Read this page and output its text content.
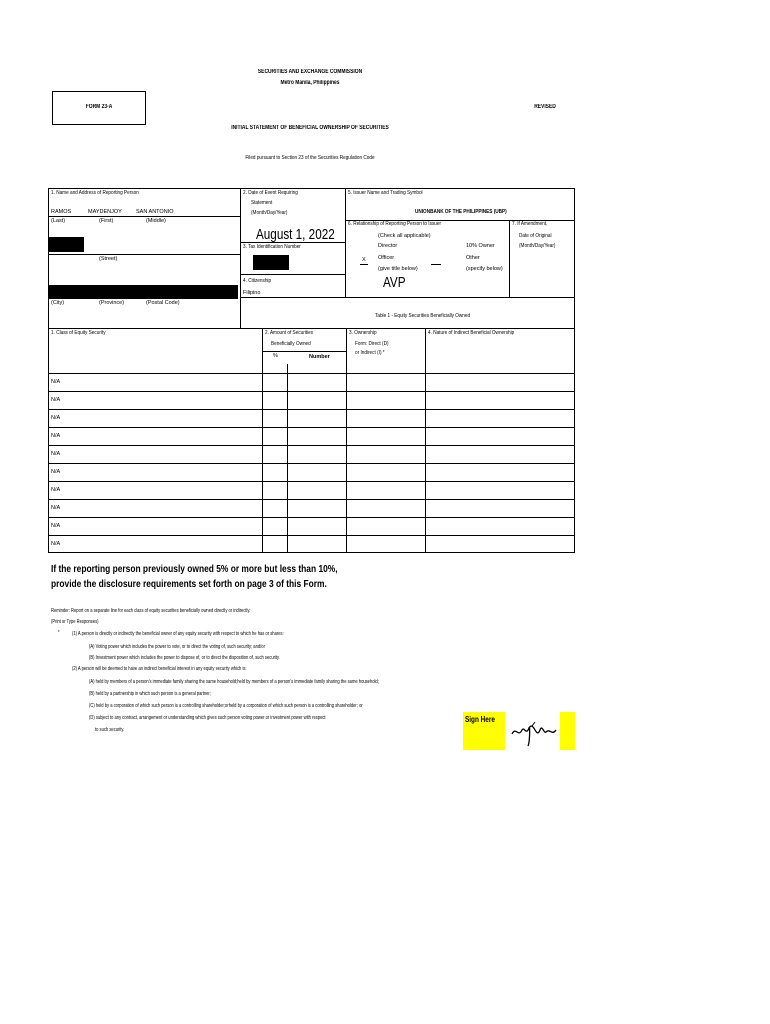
SECURITIES AND EXCHANGE COMMISSION
Metro Manila, Philippines
FORM 23-A	REVISED
INITIAL STATEMENT OF BENEFICIAL OWNERSHIP OF SECURITIES
Filed pursuant to Section 23 of the Securities Regulation Code
1. Name and Address of Reporting Person
RAMOS	MAYDENJOY	SAN ANTONIO
(Last)	(First)	(Middle)
(Street)
(City)	(Province)	(Postal Code)
2. Date of Event Requiring
Statement
(Month/Day/Year)
August 1, 2022
3. Tax Identification Number
4. Citizenship
Filipino
5. Issuer Name and Trading Symbol
UNIONBANK OF THE PHILIPPINES (UBP)
6. Relationship of Reporting Person to Issuer
(Check all applicable)
Director	10% Owner
X Officer	Other
(give title below)	(specify below)
AVP
7. If Amendment,
Date of Original
(Month/Day/Year)
Table 1 - Equity Securities Beneficially Owned
1. Class of Equity Security	2. Amount of Securities
Beneficially Owned
%	Number
3. Ownership
Form: Direct (D)
or Indirect (I) *
4. Nature of Indirect Beneficial Ownership
N/A
N/A
N/A
N/A
N/A
N/A
N/A
N/A
N/A
N/A
If the reporting person previously owned 5% or more but less than 10%,
provide the disclosure requirements set forth on page 3 of this Form.
Reminder: Report on a separate line for each class of equity securities beneficially owned directly or indirectly.
(Print or Type Responses)
* (1) A person is directly or indirectly the beneficial owner of any equity security with respect to which he has or shares:
(A) Voting power which includes the power to vote, or to direct the voting of, such security; and/or
(B) Investment power which includes the power to dispose of, or to direct the disposition of, such security.
(2) A person will be deemed to have an indirect beneficial interest in any equity security which is:
(A) held by members of a person's immediate family sharing the same household;held by members of a person's immediate family sharing the same household;
(B) held by a partnership in which such person is a general partner;
(C) held by a corporation of which such person is a controlling shareholder;orheld by a corporation of which such person is a controlling shareholder; or
(D) subject to any contract, arrangement or understanding which gives such person voting power or investment power with respect
to such security.
Sign Here
